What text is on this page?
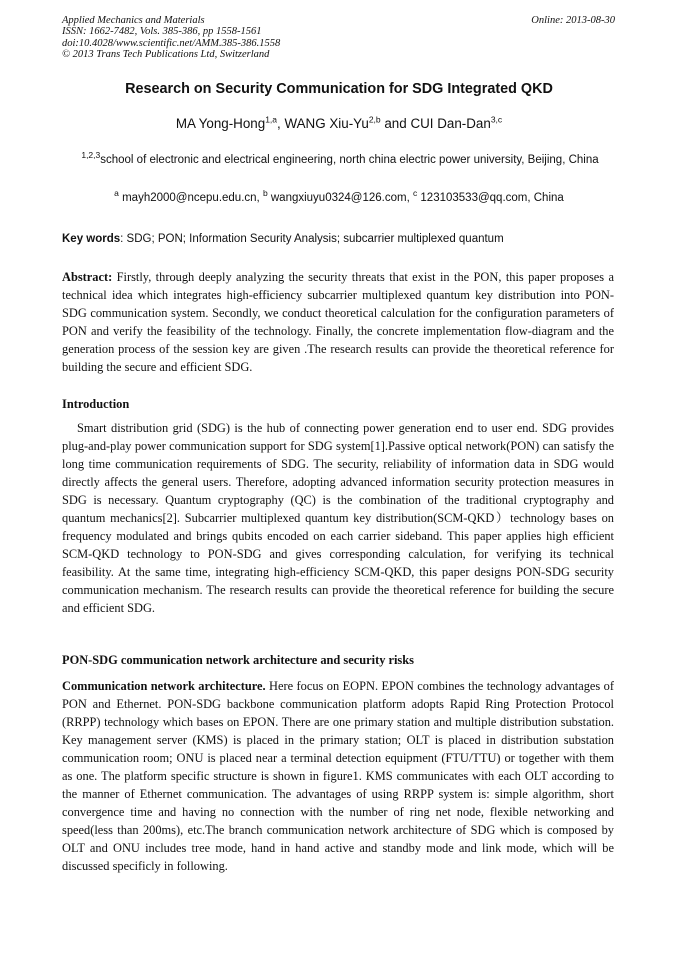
Applied Mechanics and Materials
ISSN: 1662-7482, Vols. 385-386, pp 1558-1561
doi:10.4028/www.scientific.net/AMM.385-386.1558
© 2013 Trans Tech Publications Ltd, Switzerland
Online: 2013-08-30
Research on Security Communication for SDG Integrated QKD
MA Yong-Hong$^{1,a}$, WANG Xiu-Yu$^{2,b}$ and CUI Dan-Dan$^{3,c}$
$^{1,2,3}$school of electronic and electrical engineering, north china electric power university, Beijing, China
$^a$ mayh2000@ncepu.edu.cn, $^b$ wangxiuyu0324@126.com, $^c$ 123103533@qq.com, China
Key words: SDG; PON; Information Security Analysis; subcarrier multiplexed quantum
Abstract: Firstly, through deeply analyzing the security threats that exist in the PON, this paper proposes a technical idea which integrates high-efficiency subcarrier multiplexed quantum key distribution into PON-SDG communication system. Secondly, we conduct theoretical calculation for the configuration parameters of PON and verify the feasibility of the technology. Finally, the concrete implementation flow-diagram and the generation process of the session key are given .The research results can provide the theoretical reference for building the secure and efficient SDG.
Introduction
Smart distribution grid (SDG) is the hub of connecting power generation end to user end. SDG provides plug-and-play power communication support for SDG system[1].Passive optical network(PON) can satisfy the long time communication requirements of SDG. The security, reliability of information data in SDG would directly affects the general users. Therefore, adopting advanced information security protection measures in SDG is necessary. Quantum cryptography (QC) is the combination of the traditional cryptography and quantum mechanics[2]. Subcarrier multiplexed quantum key distribution(SCM-QKD）technology bases on frequency modulated and brings qubits encoded on each carrier sideband. This paper applies high efficient SCM-QKD technology to PON-SDG and gives corresponding calculation, for verifying its technical feasibility. At the same time, integrating high-efficiency SCM-QKD, this paper designs PON-SDG security communication mechanism. The research results can provide the theoretical reference for building the secure and efficient SDG.
PON-SDG communication network architecture and security risks
Communication network architecture. Here focus on EOPN. EPON combines the technology advantages of PON and Ethernet. PON-SDG backbone communication platform adopts Rapid Ring Protection Protocol (RRPP) technology which bases on EPON. There are one primary station and multiple distribution substation. Key management server (KMS) is placed in the primary station; OLT is placed in distribution substation communication room; ONU is placed near a terminal detection equipment (FTU/TTU) or together with them as one. The platform specific structure is shown in figure1. KMS communicates with each OLT according to the manner of Ethernet communication. The advantages of using RRPP system is: simple algorithm, short convergence time and having no connection with the number of ring net node, flexible networking and speed(less than 200ms), etc.The branch communication network architecture of SDG which is composed by OLT and ONU includes tree mode, hand in hand active and standby mode and link mode, which will be discussed specificly in following.
